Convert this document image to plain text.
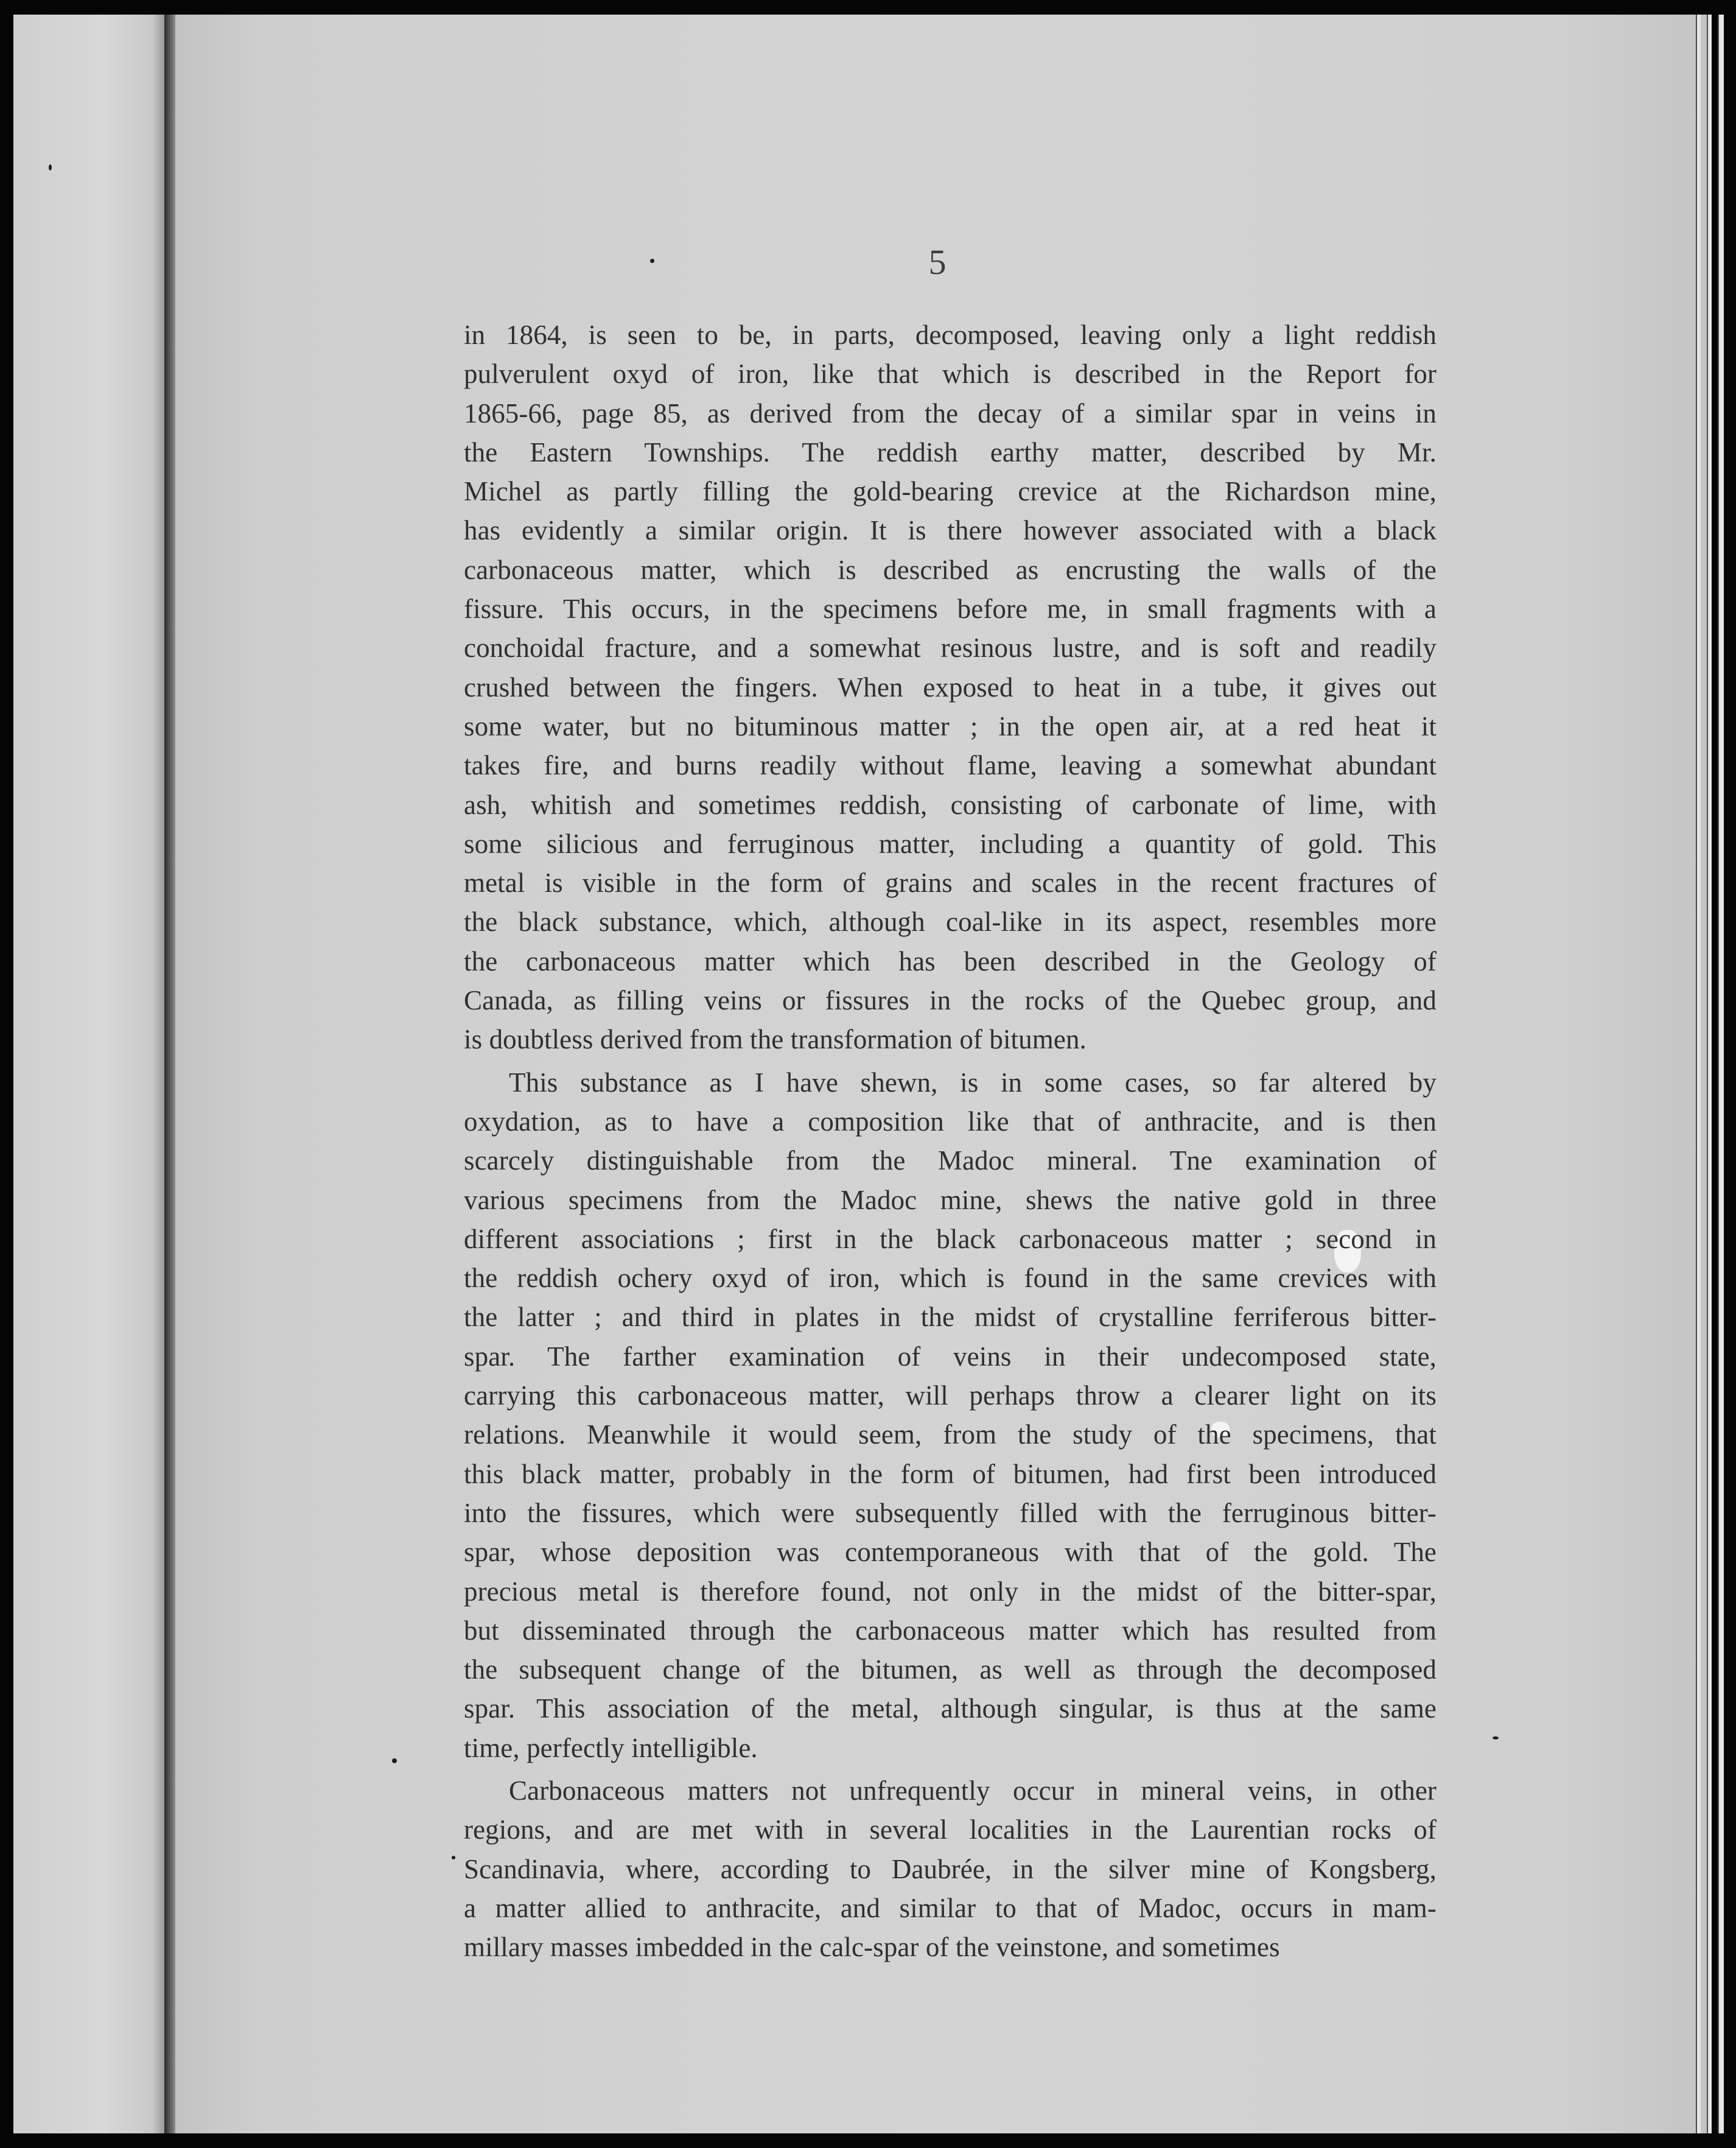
5
in 1864, is seen to be, in parts, decomposed, leaving only a light reddish
pulverulent oxyd of iron, like that which is described in the Report for
1865-66, page 85, as derived from the decay of a similar spar in veins in
the Eastern Townships. The reddish earthy matter, described by Mr.
Michel as partly filling the gold-bearing crevice at the Richardson mine,
has evidently a similar origin. It is there however associated with a black
carbonaceous matter, which is described as encrusting the walls of the
fissure. This occurs, in the specimens before me, in small fragments with a
conchoidal fracture, and a somewhat resinous lustre, and is soft and readily
crushed between the fingers. When exposed to heat in a tube, it gives out
some water, but no bituminous matter ; in the open air, at a red heat it
takes fire, and burns readily without flame, leaving a somewhat abundant
ash, whitish and sometimes reddish, consisting of carbonate of lime, with
some silicious and ferruginous matter, including a quantity of gold. This
metal is visible in the form of grains and scales in the recent fractures of
the black substance, which, although coal-like in its aspect, resembles more
the carbonaceous matter which has been described in the Geology of
Canada, as filling veins or fissures in the rocks of the Quebec group, and
is doubtless derived from the transformation of bitumen.
This substance as I have shewn, is in some cases, so far altered by
oxydation, as to have a composition like that of anthracite, and is then
scarcely distinguishable from the Madoc mineral. Tne examination of
various specimens from the Madoc mine, shews the native gold in three
different associations ; first in the black carbonaceous matter ; second in
the reddish ochery oxyd of iron, which is found in the same crevices with
the latter ; and third in plates in the midst of crystalline ferriferous bitter-
spar. The farther examination of veins in their undecomposed state,
carrying this carbonaceous matter, will perhaps throw a clearer light on its
relations. Meanwhile it would seem, from the study of the specimens, that
this black matter, probably in the form of bitumen, had first been introduced
into the fissures, which were subsequently filled with the ferruginous bitter-
spar, whose deposition was contemporaneous with that of the gold. The
precious metal is therefore found, not only in the midst of the bitter-spar,
but disseminated through the carbonaceous matter which has resulted from
the subsequent change of the bitumen, as well as through the decomposed
spar. This association of the metal, although singular, is thus at the same
time, perfectly intelligible.
Carbonaceous matters not unfrequently occur in mineral veins, in other
regions, and are met with in several localities in the Laurentian rocks of
Scandinavia, where, according to Daubrée, in the silver mine of Kongsberg,
a matter allied to anthracite, and similar to that of Madoc, occurs in mam-
millary masses imbedded in the calc-spar of the veinstone, and sometimes
